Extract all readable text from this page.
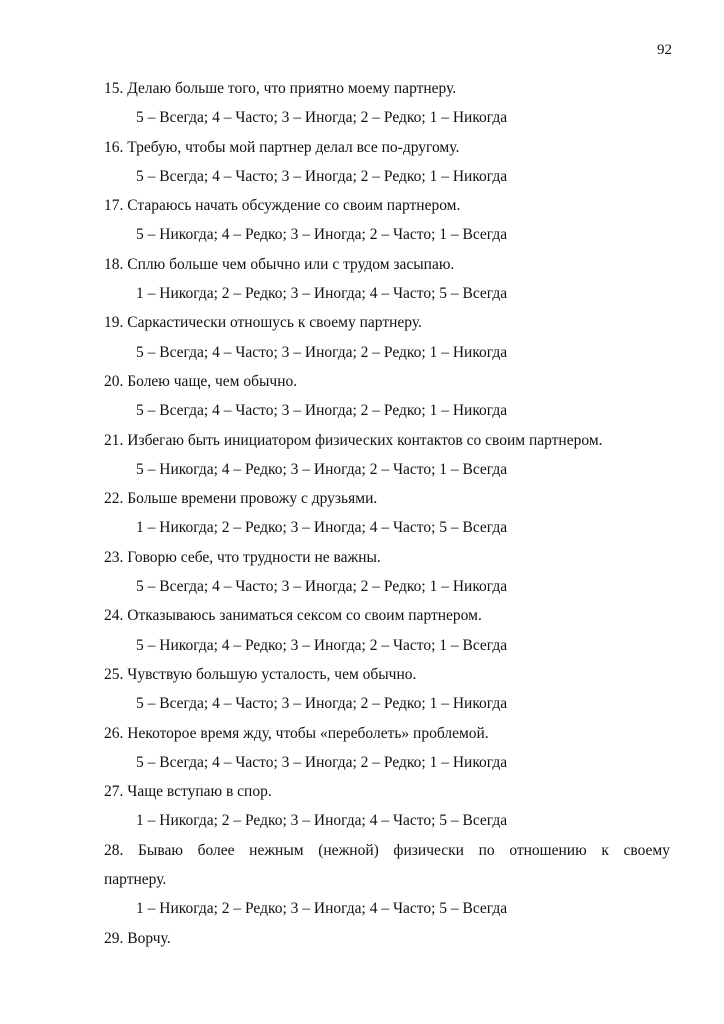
92
15. Делаю больше того, что приятно моему партнеру.
5 – Всегда; 4 – Часто; 3 – Иногда; 2 – Редко; 1 – Никогда
16. Требую, чтобы мой партнер делал все по-другому.
5 – Всегда; 4 – Часто; 3 – Иногда; 2 – Редко; 1 – Никогда
17. Стараюсь начать обсуждение со своим партнером.
5 – Никогда; 4 – Редко; 3 – Иногда; 2 – Часто; 1 – Всегда
18. Сплю больше чем обычно или с трудом засыпаю.
1 – Никогда; 2 – Редко; 3 – Иногда; 4 – Часто; 5 – Всегда
19. Саркастически отношусь к своему партнеру.
5 – Всегда; 4 – Часто; 3 – Иногда; 2 – Редко; 1 – Никогда
20. Болею чаще, чем обычно.
5 – Всегда; 4 – Часто; 3 – Иногда; 2 – Редко; 1 – Никогда
21. Избегаю быть инициатором физических контактов со своим партнером.
5 – Никогда; 4 – Редко; 3 – Иногда; 2 – Часто; 1 – Всегда
22. Больше времени провожу с друзьями.
1 – Никогда; 2 – Редко; 3 – Иногда; 4 – Часто; 5 – Всегда
23. Говорю себе, что трудности не важны.
5 – Всегда; 4 – Часто; 3 – Иногда; 2 – Редко; 1 – Никогда
24. Отказываюсь заниматься сексом со своим партнером.
5 – Никогда; 4 – Редко; 3 – Иногда; 2 – Часто; 1 – Всегда
25. Чувствую большую усталость, чем обычно.
5 – Всегда; 4 – Часто; 3 – Иногда; 2 – Редко; 1 – Никогда
26. Некоторое время жду, чтобы «переболеть» проблемой.
5 – Всегда; 4 – Часто; 3 – Иногда; 2 – Редко; 1 – Никогда
27. Чаще вступаю в спор.
1 – Никогда; 2 – Редко; 3 – Иногда; 4 – Часто; 5 – Всегда
28. Бываю более нежным (нежной) физически по отношению к своему
партнеру.
1 – Никогда; 2 – Редко; 3 – Иногда; 4 – Часто; 5 – Всегда
29. Ворчу.
